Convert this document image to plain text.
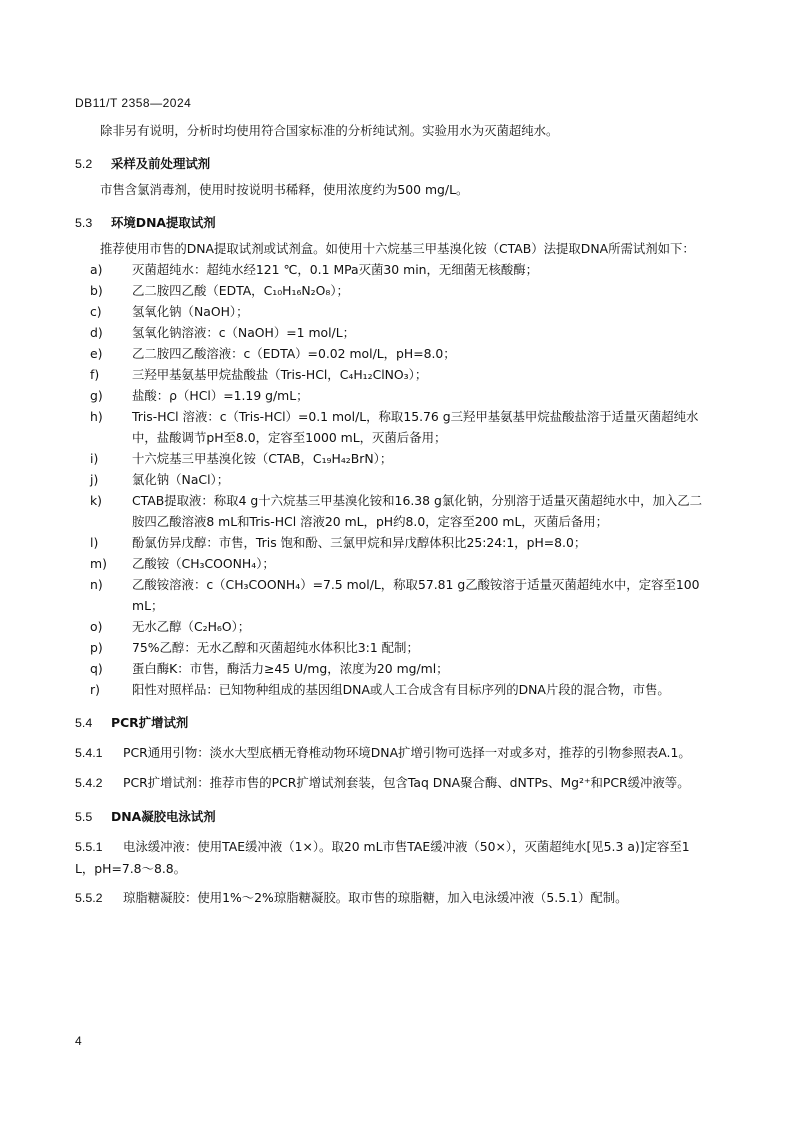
DB11/T 2358—2024

除非另有说明，分析时均使用符合国家标准的分析纯试剂。实验用水为灭菌超纯水。

5.2 采样及前处理试剂

市售含氯消毒剂，使用时按说明书稀释，使用浓度约为500 mg/L。

5.3 环境DNA提取试剂

推荐使用市售的DNA提取试剂或试剂盒。如使用十六烷基三甲基溴化铵（CTAB）法提取DNA所需试剂如下：

a)	灭菌超纯水：超纯水经121 ℃，0.1 MPa灭菌30 min，无细菌无核酸酶；
b)	乙二胺四乙酸（EDTA，C₁₀H₁₆N₂O₈）；
c)	氢氧化钠（NaOH）；
d)	氢氧化钠溶液：c（NaOH）=1 mol/L；
e)	乙二胺四乙酸溶液：c（EDTA）=0.02 mol/L，pH=8.0；
f)	三羟甲基氨基甲烷盐酸盐（Tris-HCl，C₄H₁₂ClNO₃）；
g)	盐酸：ρ（HCl）=1.19 g/mL；
h)	Tris-HCl 溶液：c（Tris-HCl）=0.1 mol/L，称取15.76 g三羟甲基氨基甲烷盐酸盐溶于适量灭菌超纯水中，盐酸调节pH至8.0，定容至1000 mL，灭菌后备用；
i)	十六烷基三甲基溴化铵（CTAB，C₁₉H₄₂BrN）；
j)	氯化钠（NaCl）；
k)	CTAB提取液：称取4 g十六烷基三甲基溴化铵和16.38 g氯化钠，分别溶于适量灭菌超纯水中，加入乙二胺四乙酸溶液8 mL和Tris-HCl 溶液20 mL，pH约8.0，定容至200 mL，灭菌后备用；
l)	酚氯仿异戊醇：市售，Tris 饱和酚、三氯甲烷和异戊醇体积比25:24:1，pH=8.0；
m)	乙酸铵（CH₃COONH₄）；
n)	乙酸铵溶液：c（CH₃COONH₄）=7.5 mol/L，称取57.81 g乙酸铵溶于适量灭菌超纯水中，定容至100 mL；
o)	无水乙醇（C₂H₆O）；
p)	75%乙醇：无水乙醇和灭菌超纯水体积比3:1 配制；
q)	蛋白酶K：市售，酶活力≥45 U/mg，浓度为20 mg/ml；
r)	阳性对照样品：已知物种组成的基因组DNA或人工合成含有目标序列的DNA片段的混合物，市售。
5.4 PCR扩增试剂
5.4.1 PCR通用引物：淡水大型底栖无脊椎动物环境DNA扩增引物可选择一对或多对，推荐的引物参照表A.1。
5.4.2 PCR扩增试剂：推荐市售的PCR扩增试剂套装，包含Taq DNA聚合酶、dNTPs、Mg²⁺和PCR缓冲液等。
5.5 DNA凝胶电泳试剂
5.5.1 电泳缓冲液：使用TAE缓冲液（1×）。取20 mL市售TAE缓冲液（50×），灭菌超纯水[见5.3 a)]定容至1 L，pH=7.8～8.8。
5.5.2 琼脂糖凝胶：使用1%～2%琼脂糖凝胶。取市售的琼脂糖，加入电泳缓冲液（5.5.1）配制。
4
